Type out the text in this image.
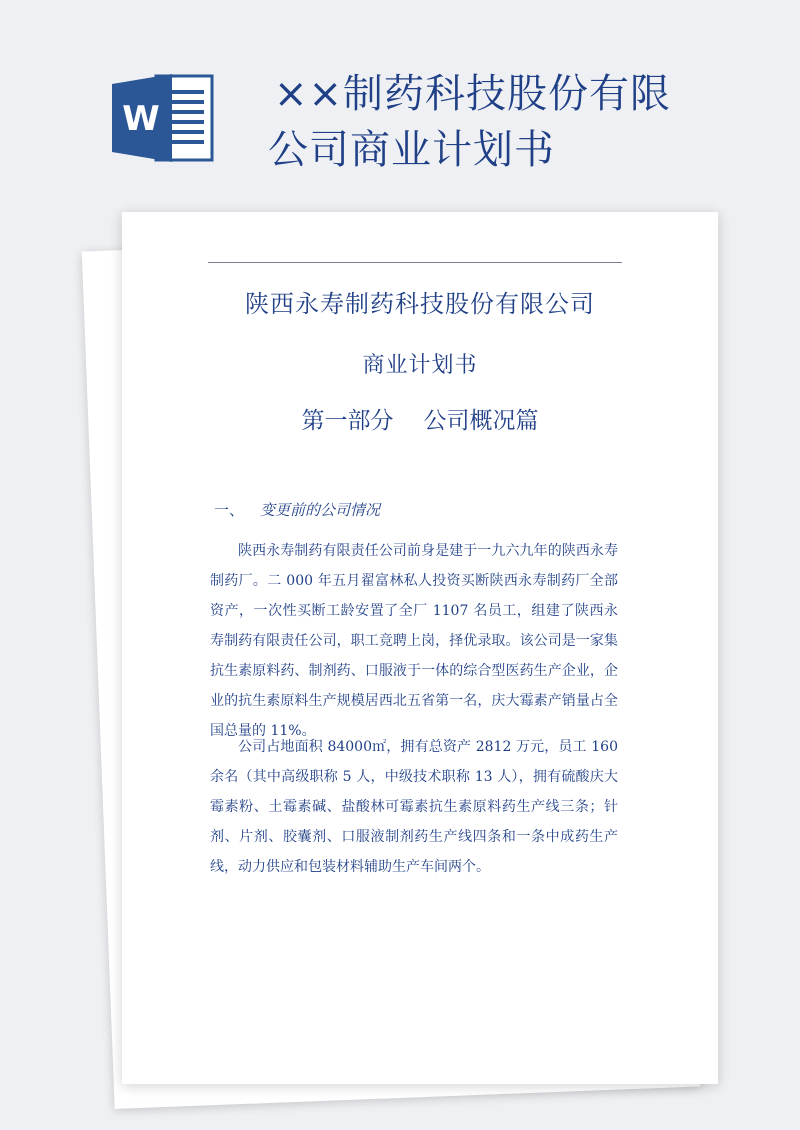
W
××制药科技股份有限
公司商业计划书
陕西永寿制药科技股份有限公司
商业计划书
第一部分 公司概况篇
一、 变更前的公司情况

陕西永寿制药有限责任公司前身是建于一九六九年的陕西永寿制药厂。二 000 年五月翟富林私人投资买断陕西永寿制药厂全部资产，一次性买断工龄安置了全厂 1107 名员工，组建了陕西永寿制药有限责任公司，职工竞聘上岗，择优录取。该公司是一家集抗生素原料药、制剂药、口服液于一体的综合型医药生产企业，企业的抗生素原料生产规模居西北五省第一名，庆大霉素产销量占全国总量的 11%。

公司占地面积 84000㎡，拥有总资产 2812 万元，员工 160 余名（其中高级职称 5 人，中级技术职称 13 人），拥有硫酸庆大霉素粉、土霉素碱、盐酸林可霉素抗生素原料药生产线三条；针剂、片剂、胶囊剂、口服液制剂药生产线四条和一条中成药生产线，动力供应和包装材料辅助生产车间两个。
